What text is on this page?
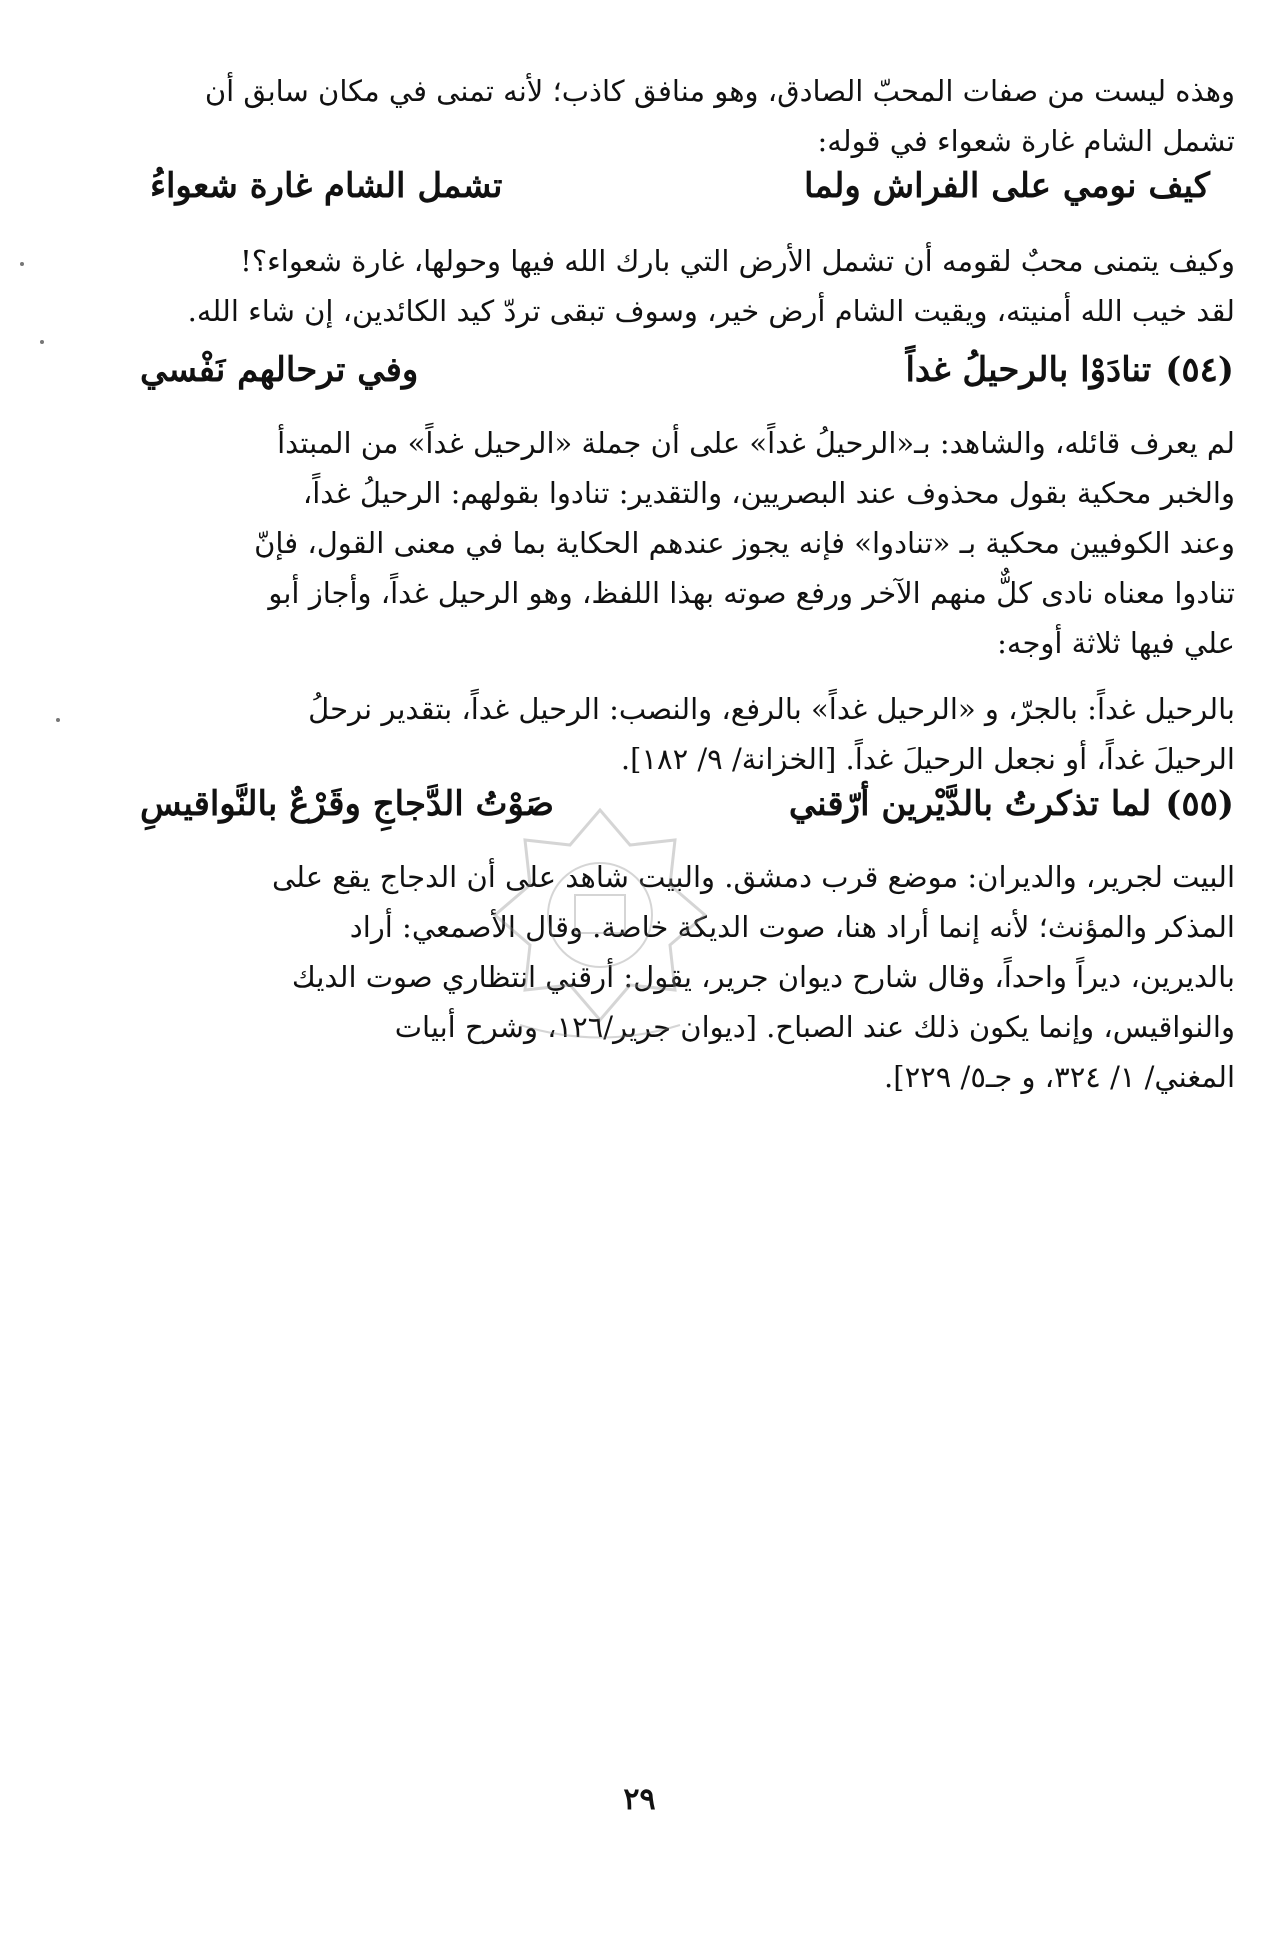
وهذه ليست من صفات المحبّ الصادق، وهو منافق كاذب؛ لأنه تمنى في مكان سابق أن
تشمل الشام غارة شعواء في قوله:
كيف نومي على الفراش ولما
تشمل الشام غارة شعواءُ
وكيف يتمنى محبٌ لقومه أن تشمل الأرض التي بارك الله فيها وحولها، غارة شعواء؟!
لقد خيب الله أمنيته، ويقيت الشام أرض خير، وسوف تبقى تردّ كيد الكائدين، إن شاء الله.
(٥٤)تنادَوْا بالرحيلُ غداً
وفي ترحالهم نَفْسي
لم يعرف قائله، والشاهد: بـ«الرحيلُ غداً» على أن جملة «الرحيل غداً» من المبتدأ
والخبر محكية بقول محذوف عند البصريين، والتقدير: تنادوا بقولهم: الرحيلُ غداً،
وعند الكوفيين محكية بـ «تنادوا» فإنه يجوز عندهم الحكاية بما في معنى القول، فإنّ
تنادوا معناه نادى كلٌّ منهم الآخر ورفع صوته بهذا اللفظ، وهو الرحيل غداً، وأجاز أبو
علي فيها ثلاثة أوجه:
بالرحيل غداً: بالجرّ، و «الرحيل غداً» بالرفع، والنصب: الرحيل غداً، بتقدير نرحلُ
الرحيلَ غداً، أو نجعل الرحيلَ غداً. [الخزانة/ ٩/ ١٨٢].
(٥٥)لما تذكرتُ بالدَّيْرين أرّقني
صَوْتُ الدَّجاجِ وقَرْعٌ بالنَّواقيسِ
البيت لجرير، والديران: موضع قرب دمشق. والبيت شاهد على أن الدجاج يقع على
المذكر والمؤنث؛ لأنه إنما أراد هنا، صوت الديكة خاصة. وقال الأصمعي: أراد
بالديرين، ديراً واحداً، وقال شارح ديوان جرير، يقول: أرقني انتظاري صوت الديك
والنواقيس، وإنما يكون ذلك عند الصباح. [ديوان جرير/١٢٦، وشرح أبيات
المغني/ ١/ ٣٢٤، و جـ٥/ ٢٢٩].
٢٩
